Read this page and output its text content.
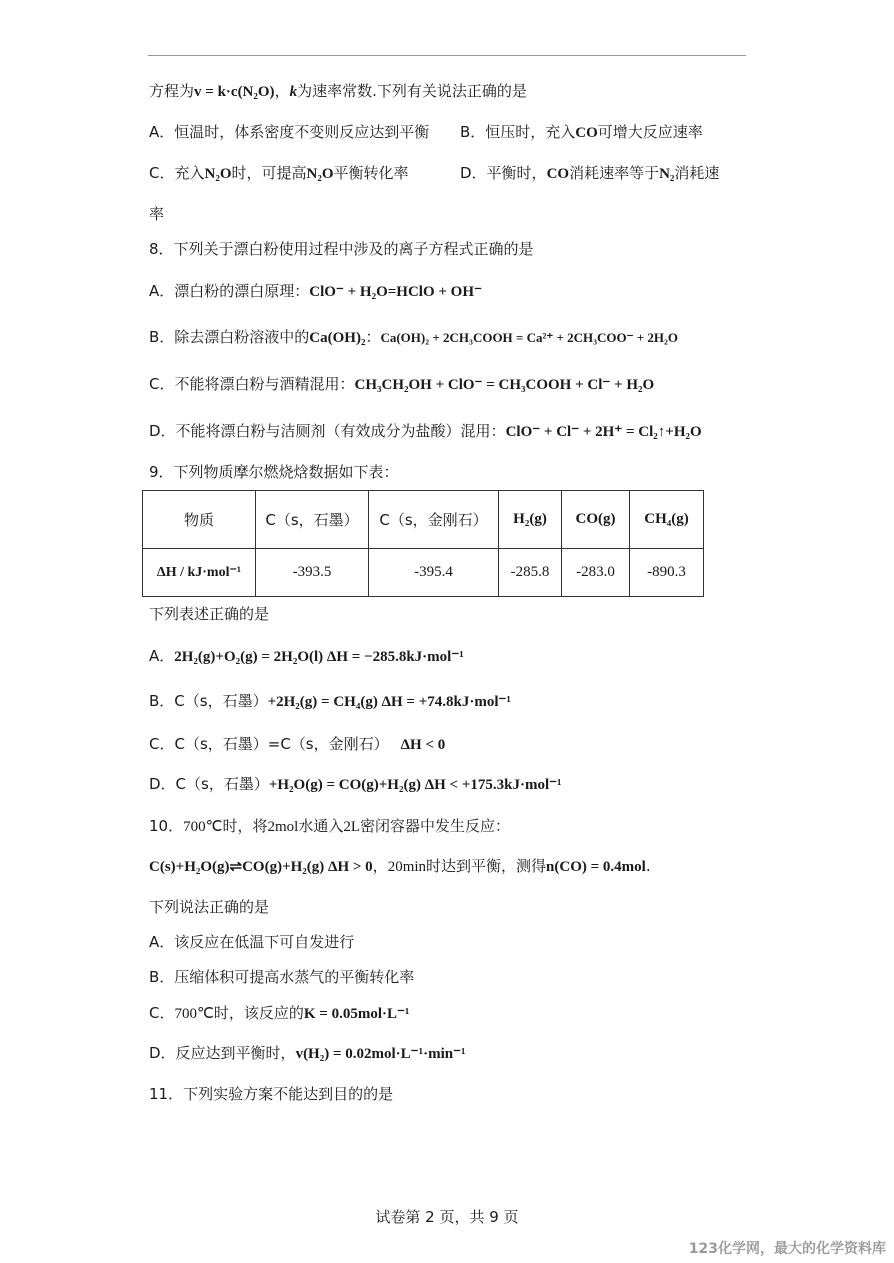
方程为v = k·c(N₂O)，k为速率常数.下列有关说法正确的是
A．恒温时，体系密度不变则反应达到平衡 B．恒压时，充入CO可增大反应速率
C．充入N₂O时，可提高N₂O平衡转化率	D．平衡时，CO消耗速率等于N₂消耗速
率
8．下列关于漂白粉使用过程中涉及的离子方程式正确的是
A．漂白粉的漂白原理：ClO⁻ + H₂O=HClO + OH⁻
B．除去漂白粉溶液中的Ca(OH)₂：Ca(OH)₂ + 2CH₃COOH = Ca²⁺ + 2CH₃COO⁻ + 2H₂O
C．不能将漂白粉与酒精混用：CH₃CH₂OH + ClO⁻ = CH₃COOH + Cl⁻ + H₂O
D．不能将漂白粉与洁厕剂（有效成分为盐酸）混用：ClO⁻ + Cl⁻ + 2H⁺ = Cl₂↑+H₂O
9．下列物质摩尔燃烧焓数据如下表：
物质	C（s，石墨）	C（s，金刚石）	H₂(g)	CO(g)	CH₄(g)
ΔH / kJ·mol⁻¹	-393.5	-395.4	-285.8	-283.0	-890.3
下列表述正确的是
A．2H₂(g)+O₂(g) = 2H₂O(l) ΔH = −285.8kJ·mol⁻¹
B．C（s，石墨）+2H₂(g) = CH₄(g) ΔH = +74.8kJ·mol⁻¹
C．C（s，石墨）=C（s，金刚石） ΔH < 0
D．C（s，石墨）+H₂O(g) = CO(g)+H₂(g) ΔH < +175.3kJ·mol⁻¹
10．700℃时，将2mol水通入2L密闭容器中发生反应：
C(s)+H₂O(g)⇌CO(g)+H₂(g) ΔH > 0，20min时达到平衡，测得n(CO) = 0.4mol.
下列说法正确的是
A．该反应在低温下可自发进行
B．压缩体积可提高水蒸气的平衡转化率
C．700℃时，该反应的K = 0.05mol·L⁻¹
D．反应达到平衡时，v(H₂) = 0.02mol·L⁻¹·min⁻¹
11．下列实验方案不能达到目的的是
试卷第 2 页，共 9 页
123化学网，最大的化学资料库
